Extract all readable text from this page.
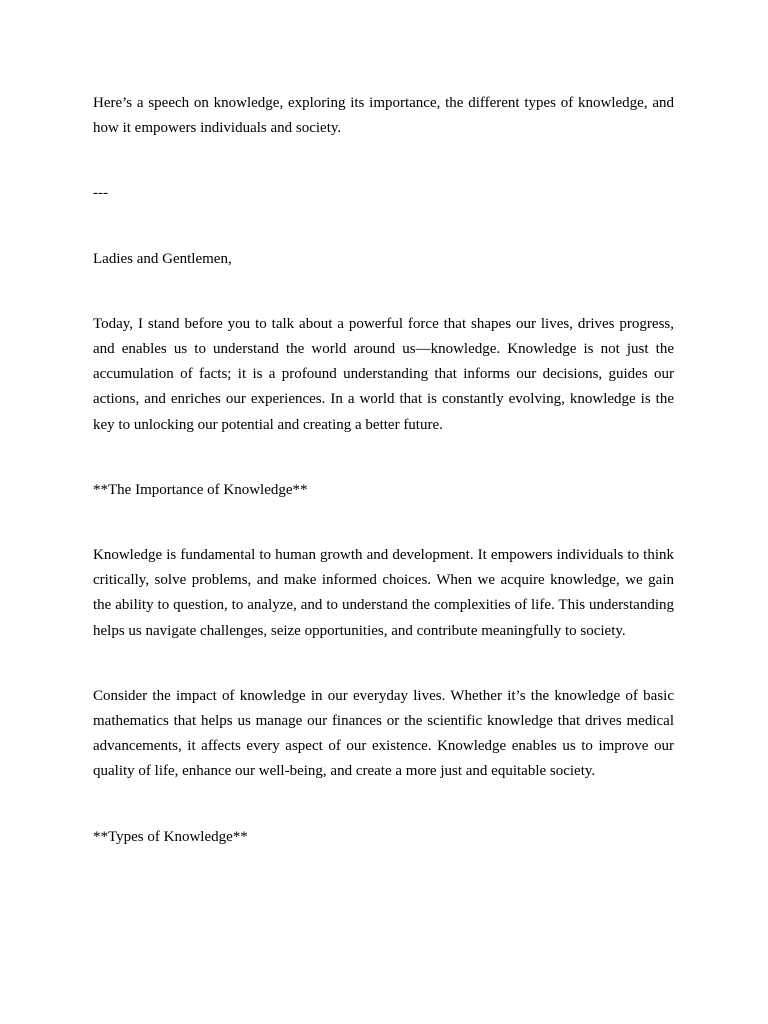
Here’s a speech on knowledge, exploring its importance, the different types of knowledge, and how it empowers individuals and society.

---

Ladies and Gentlemen,

Today, I stand before you to talk about a powerful force that shapes our lives, drives progress, and enables us to understand the world around us—knowledge. Knowledge is not just the accumulation of facts; it is a profound understanding that informs our decisions, guides our actions, and enriches our experiences. In a world that is constantly evolving, knowledge is the key to unlocking our potential and creating a better future.

**The Importance of Knowledge**

Knowledge is fundamental to human growth and development. It empowers individuals to think critically, solve problems, and make informed choices. When we acquire knowledge, we gain the ability to question, to analyze, and to understand the complexities of life. This understanding helps us navigate challenges, seize opportunities, and contribute meaningfully to society.

Consider the impact of knowledge in our everyday lives. Whether it’s the knowledge of basic mathematics that helps us manage our finances or the scientific knowledge that drives medical advancements, it affects every aspect of our existence. Knowledge enables us to improve our quality of life, enhance our well-being, and create a more just and equitable society.

**Types of Knowledge**
